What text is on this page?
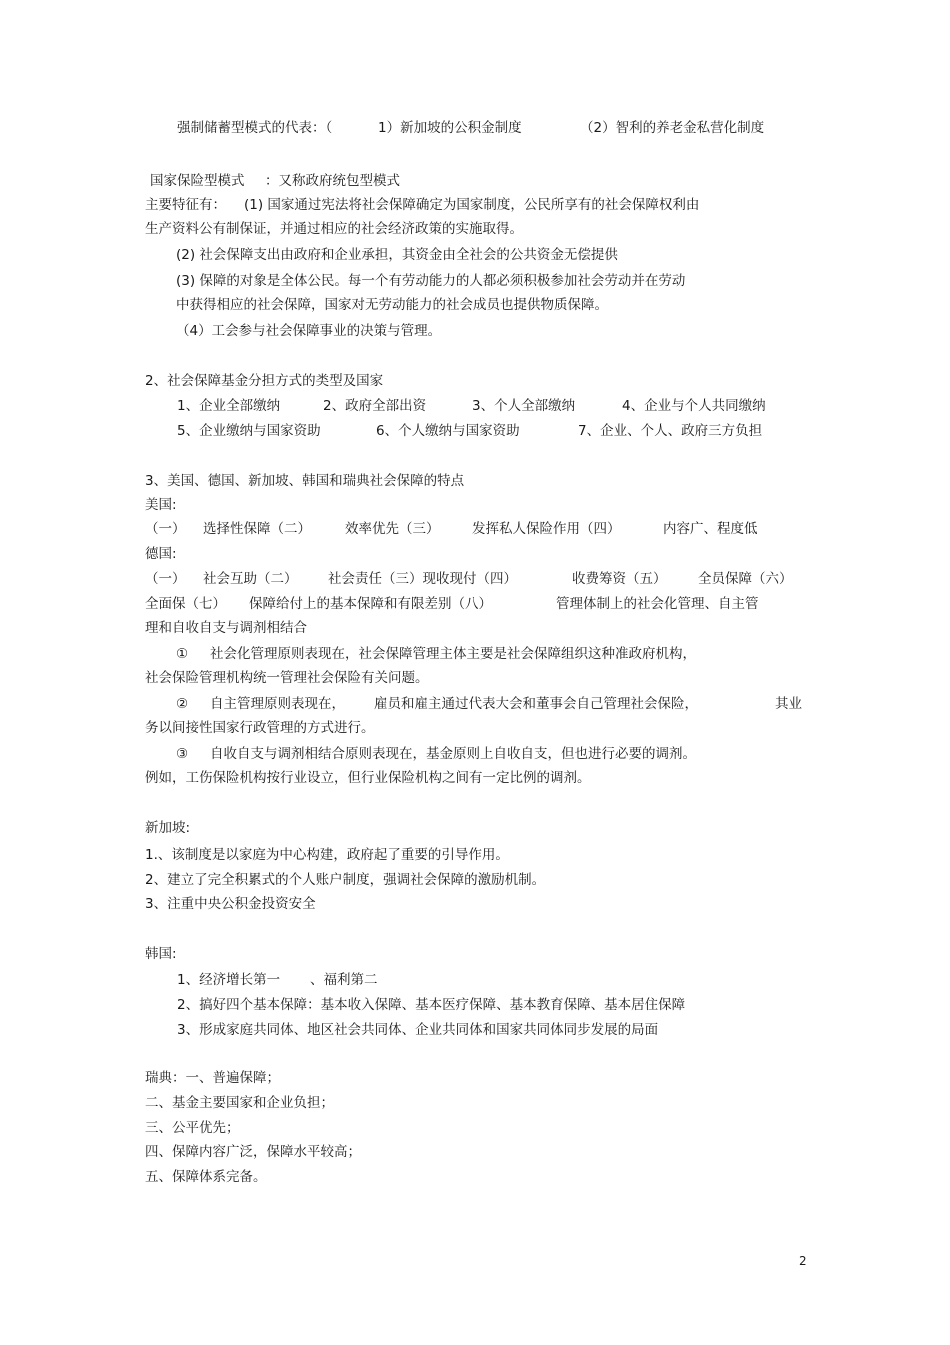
强制储蓄型模式的代表：（	1）新加坡的公积金制度	（2）智利的养老金私营化制度
国家保险型模式 ：又称政府统包型模式
主要特征有： (1) 国家通过宪法将社会保障确定为国家制度，公民所享有的社会保障权利由
生产资料公有制保证，并通过相应的社会经济政策的实施取得。
(2) 社会保障支出由政府和企业承担，其资金由全社会的公共资金无偿提供
(3) 保障的对象是全体公民。每一个有劳动能力的人都必须积极参加社会劳动并在劳动
中获得相应的社会保障，国家对无劳动能力的社会成员也提供物质保障。
（4）工会参与社会保障事业的决策与管理。
2、社会保障基金分担方式的类型及国家
1、企业全部缴纳	2、政府全部出资	3、个人全部缴纳	4、企业与个人共同缴纳
5、企业缴纳与国家资助	6、个人缴纳与国家资助	7、企业、个人、政府三方负担
3、美国、德国、新加坡、韩国和瑞典社会保障的特点
美国:
（一） 选择性保障（二）	效率优先（三） 发挥私人保险作用（四）	内容广、程度低
德国:
（一） 社会互助（二） 社会责任（三）现收现付（四）	收费筹资（五） 全员保障（六）
全面保（七） 保障给付上的基本保障和有限差别（八）	管理体制上的社会化管理、自主管
理和自收自支与调剂相结合
① 社会化管理原则表现在，社会保障管理主体主要是社会保障组织这种准政府机构，
社会保险管理机构统一管理社会保险有关问题。
② 自主管理原则表现在， 雇员和雇主通过代表大会和董事会自己管理社会保险，	其业
务以间接性国家行政管理的方式进行。
③ 自收自支与调剂相结合原则表现在，基金原则上自收自支，但也进行必要的调剂。
例如，工伤保险机构按行业设立，但行业保险机构之间有一定比例的调剂。
新加坡:
1.、该制度是以家庭为中心构建，政府起了重要的引导作用。
2、建立了完全积累式的个人账户制度，强调社会保障的激励机制。
3、注重中央公积金投资安全
韩国:
1、经济增长第一 、福利第二
2、搞好四个基本保障：基本收入保障、基本医疗保障、基本教育保障、基本居住保障
3、形成家庭共同体、地区社会共同体、企业共同体和国家共同体同步发展的局面
瑞典：一、普遍保障；
二、基金主要国家和企业负担；
三、公平优先；
四、保障内容广泛，保障水平较高；
五、保障体系完备。
2
